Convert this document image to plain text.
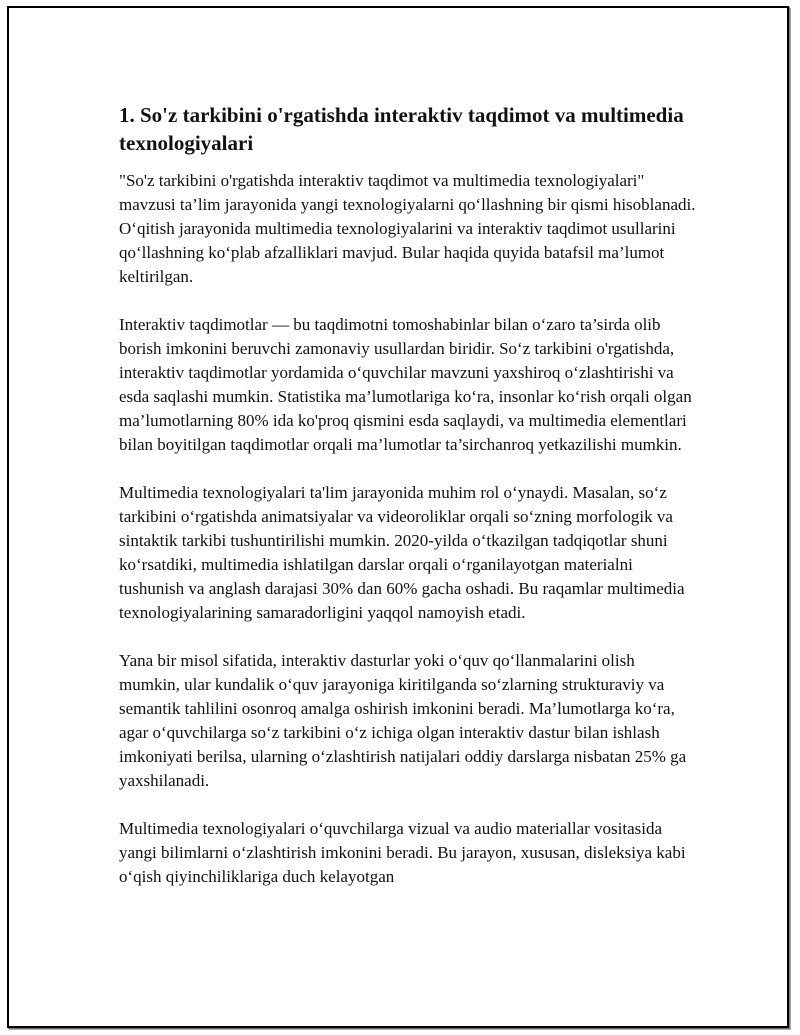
1. So'z tarkibini o'rgatishda interaktiv taqdimot va multimedia texnologiyalari

"So'z tarkibini o'rgatishda interaktiv taqdimot va multimedia texnologiyalari" mavzusi ta’lim jarayonida yangi texnologiyalarni qo‘llashning bir qismi hisoblanadi. O‘qitish jarayonida multimedia texnologiyalarini va interaktiv taqdimot usullarini qo‘llashning ko‘plab afzalliklari mavjud. Bular haqida quyida batafsil ma’lumot keltirilgan.

Interaktiv taqdimotlar — bu taqdimotni tomoshabinlar bilan o‘zaro ta’sirda olib borish imkonini beruvchi zamonaviy usullardan biridir. So‘z tarkibini o'rgatishda, interaktiv taqdimotlar yordamida o‘quvchilar mavzuni yaxshiroq o‘zlashtirishi va esda saqlashi mumkin. Statistika ma’lumotlariga ko‘ra, insonlar ko‘rish orqali olgan ma’lumotlarning 80% ida ko'proq qismini esda saqlaydi, va multimedia elementlari bilan boyitilgan taqdimotlar orqali ma’lumotlar ta’sirchanroq yetkazilishi mumkin.

Multimedia texnologiyalari ta'lim jarayonida muhim rol o‘ynaydi. Masalan, so‘z tarkibini o‘rgatishda animatsiyalar va videoroliklar orqali so‘zning morfologik va sintaktik tarkibi tushuntirilishi mumkin. 2020-yilda o‘tkazilgan tadqiqotlar shuni ko‘rsatdiki, multimedia ishlatilgan darslar orqali o‘rganilayotgan materialni tushunish va anglash darajasi 30% dan 60% gacha oshadi. Bu raqamlar multimedia texnologiyalarining samaradorligini yaqqol namoyish etadi.

Yana bir misol sifatida, interaktiv dasturlar yoki o‘quv qo‘llanmalarini olish mumkin, ular kundalik o‘quv jarayoniga kiritilganda so‘zlarning strukturaviy va semantik tahlilini osonroq amalga oshirish imkonini beradi. Ma’lumotlarga ko‘ra, agar o‘quvchilarga so‘z tarkibini o‘z ichiga olgan interaktiv dastur bilan ishlash imkoniyati berilsa, ularning o‘zlashtirish natijalari oddiy darslarga nisbatan 25% ga yaxshilanadi.

Multimedia texnologiyalari o‘quvchilarga vizual va audio materiallar vositasida yangi bilimlarni o‘zlashtirish imkonini beradi. Bu jarayon, xususan, disleksiya kabi o‘qish qiyinchiliklariga duch kelayotgan
